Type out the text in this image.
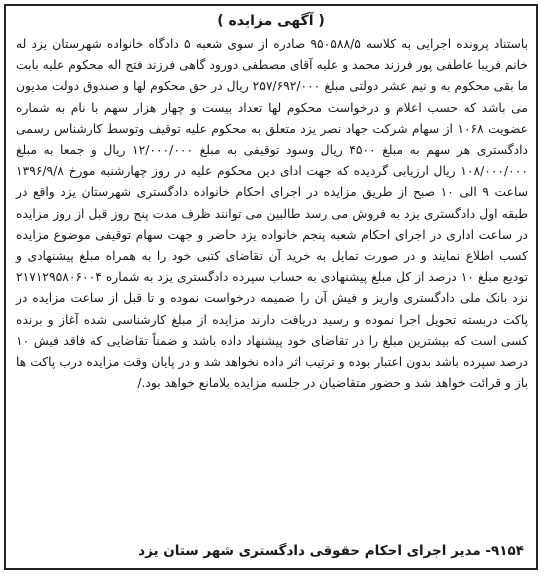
( آگهی مزایده )
باستناد پرونده اجرایی به کلاسه ۹۵۰۵۸۸/۵ صادره از سوی شعبه ۵ دادگاه خانواده شهرستان یزد له خانم فریبا عاطفی پور فرزند محمد و علیه آقای مصطفی دورود گاهی فرزند فتح اله محکوم علیه بابت ما بقی محکوم به و نیم عشر دولتی مبلغ ۲۵۷/۶۹۲/۰۰۰ ریال در حق محکوم لها و صندوق دولت مدیون می باشد که حسب اعلام و درخواست محکوم لها تعداد بیست و چهار هزار سهم با نام به شماره عضویت ۱۰۶۸ از سهام شرکت جهاد نصر یزد متعلق به محکوم علیه توقیف وتوسط کارشناس رسمی دادگستری هر سهم به مبلغ ۴۵۰۰ ریال وسود توقیفی به مبلغ ۱۲/۰۰۰/۰۰۰ ریال و جمعا به مبلغ ۱۰۸/۰۰۰/۰۰۰ ریال ارزیابی گردیده که جهت ادای دین محکوم علیه در روز چهارشنبه مورخ ۱۳۹۶/۹/۸ ساعت ۹ الی ۱۰ صبح از طریق مزایده در اجرای احکام خانواده دادگستری شهرستان یزد واقع در طبقه اول دادگستری یزد به فروش می رسد طالبین می توانند ظرف مدت پنج روز قبل از روز مزایده در ساعت اداری در اجرای احکام شعبه پنجم خانواده یزد حاضر و جهت سهام توقیفی موضوع مزایده کسب اطلاع نمایند و در صورت تمایل به خرید آن تقاضای کتبی خود را به همراه مبلغ پیشنهادی و تودیع مبلغ ۱۰ درصد از کل مبلغ پیشنهادی به حساب سپرده دادگستری یزد به شماره ۲۱۷۱۲۹۵۸۰۶۰۰۴ نزد بانک ملی دادگستری واریز و فیش آن را ضمیمه درخواست نموده و تا قبل از ساعت مزایده در پاکت دربسته تحویل اجرا نموده و رسید دریافت دارند مزایده از مبلغ کارشناسی شده آغاز و برنده کسی است که بیشترین مبلغ را در تقاضای خود پیشنهاد داده باشد و ضمناً تقاضایی که فاقد فیش ۱۰ درصد سپرده باشد بدون اعتبار بوده و ترتیب اثر داده نخواهد شد و در پایان وقت مزایده درب پاکت ها باز و قرائت خواهد شد و حضور متقاضیان در جلسه مزایده بلامانع خواهد بود./
۹۱۵۴- مدیر اجرای احکام حقوقی دادگستری شهر ستان یزد
